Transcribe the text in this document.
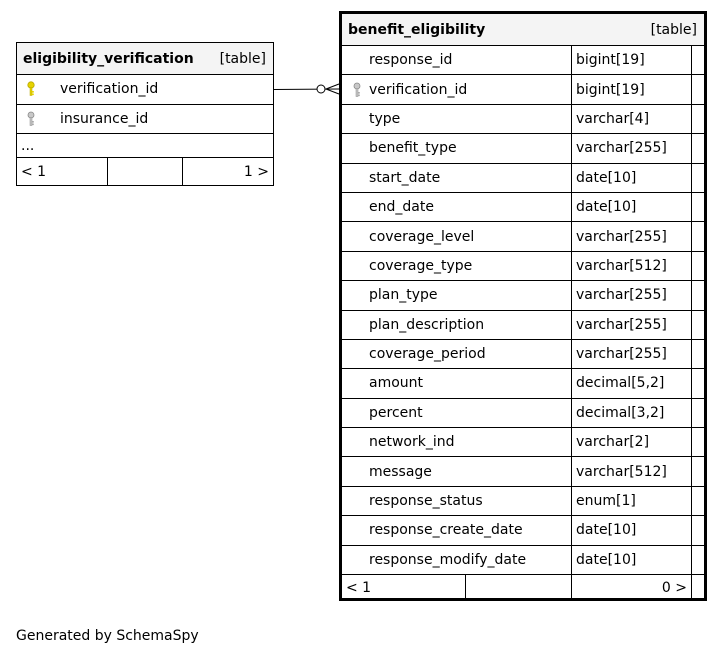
eligibility_verification [table]
verification_id
insurance_id
...
< 1	1 >
benefit_eligibility	[table]
response_id	bigint[19]
verification_id	bigint[19]
type	varchar[4]
benefit_type	varchar[255]
start_date	date[10]
end_date	date[10]
coverage_level	varchar[255]
coverage_type	varchar[512]
plan_type	varchar[255]
plan_description	varchar[255]
coverage_period	varchar[255]
amount	decimal[5,2]
percent	decimal[3,2]
network_ind	varchar[2]
message	varchar[512]
response_status	enum[1]
response_create_date	date[10]
response_modify_date	date[10]
< 1	0 >
Generated by SchemaSpy
